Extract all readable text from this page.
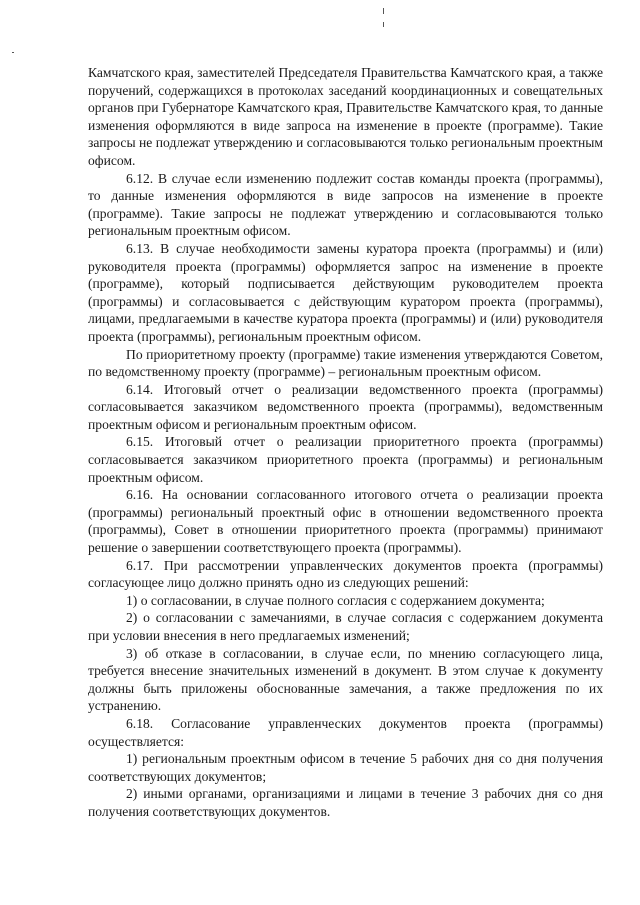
Камчатского края, заместителей Председателя Правительства Камчатского края, а также поручений, содержащихся в протоколах заседаний координационных и совещательных органов при Губернаторе Камчатского края, Правительстве Камчатского края, то данные изменения оформляются в виде запроса на изменение в проекте (программе). Такие запросы не подлежат утверждению и согласовываются только региональным проектным офисом.

6.12. В случае если изменению подлежит состав команды проекта (программы), то данные изменения оформляются в виде запросов на изменение в проекте (программе). Такие запросы не подлежат утверждению и согласовываются только региональным проектным офисом.

6.13. В случае необходимости замены куратора проекта (программы) и (или) руководителя проекта (программы) оформляется запрос на изменение в проекте (программе), который подписывается действующим руководителем проекта (программы) и согласовывается с действующим куратором проекта (программы), лицами, предлагаемыми в качестве куратора проекта (программы) и (или) руководителя проекта (программы), региональным проектным офисом.

По приоритетному проекту (программе) такие изменения утверждаются Советом, по ведомственному проекту (программе) – региональным проектным офисом.

6.14. Итоговый отчет о реализации ведомственного проекта (программы) согласовывается заказчиком ведомственного проекта (программы), ведомственным проектным офисом и региональным проектным офисом.

6.15. Итоговый отчет о реализации приоритетного проекта (программы) согласовывается заказчиком приоритетного проекта (программы) и региональным проектным офисом.

6.16. На основании согласованного итогового отчета о реализации проекта (программы) региональный проектный офис в отношении ведомственного проекта (программы), Совет в отношении приоритетного проекта (программы) принимают решение о завершении соответствующего проекта (программы).

6.17. При рассмотрении управленческих документов проекта (программы) согласующее лицо должно принять одно из следующих решений:

1) о согласовании, в случае полного согласия с содержанием документа;

2) о согласовании с замечаниями, в случае согласия с содержанием документа при условии внесения в него предлагаемых изменений;

3) об отказе в согласовании, в случае если, по мнению согласующего лица, требуется внесение значительных изменений в документ. В этом случае к документу должны быть приложены обоснованные замечания, а также предложения по их устранению.

6.18. Согласование управленческих документов проекта (программы) осуществляется:

1) региональным проектным офисом в течение 5 рабочих дня со дня получения соответствующих документов;

2) иными органами, организациями и лицами в течение 3 рабочих дня со дня получения соответствующих документов.
